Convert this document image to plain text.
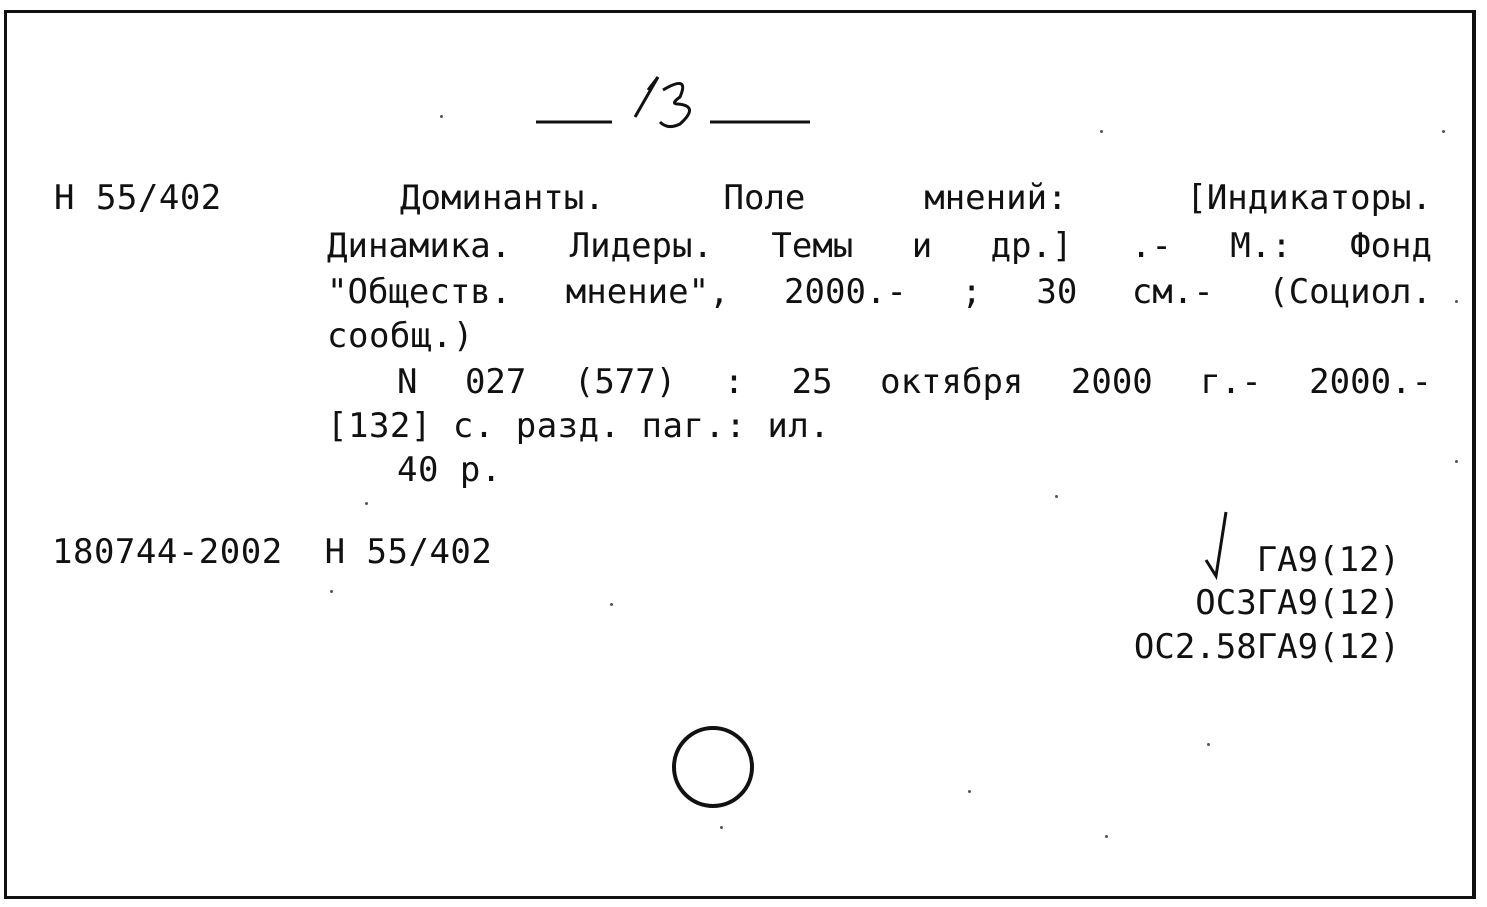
13
Н 55/402	Доминанты. Поле мнений: [Индикаторы.
Динамика. Лидеры. Темы и др.] .- М.: Фонд
"Обществ. мнение", 2000.- ; 30 см.- (Социол.
сообщ.)
N 027 (577) : 25 октября 2000 г.- 2000.-
[132] с. разд. паг.: ил.
40 р.
180744-2002  Н 55/402	ГА9(12)
ОС3ГА9(12)
ОС2.58ГА9(12)
